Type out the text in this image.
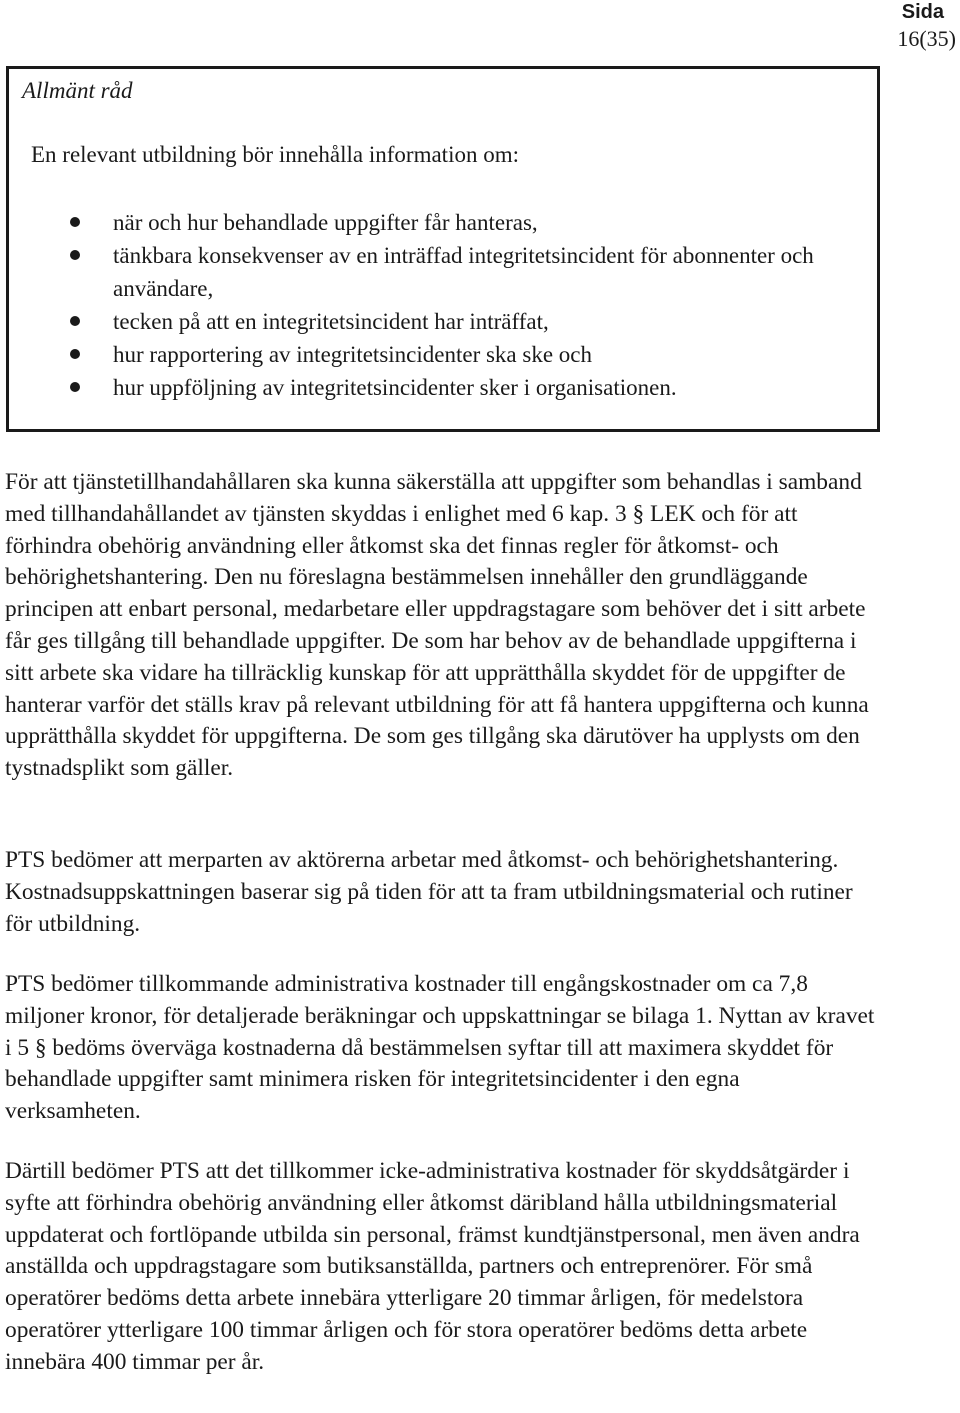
Sida
16(35)
Allmänt råd
En relevant utbildning bör innehålla information om:
när och hur behandlade uppgifter får hanteras,
tänkbara konsekvenser av en inträffad integritetsincident för abonnenter och användare,
tecken på att en integritetsincident har inträffat,
hur rapportering av integritetsincidenter ska ske och
hur uppföljning av integritetsincidenter sker i organisationen.

För att tjänstetillhandahållaren ska kunna säkerställa att uppgifter som behandlas i samband med tillhandahållandet av tjänsten skyddas i enlighet med 6 kap. 3 § LEK och för att förhindra obehörig användning eller åtkomst ska det finnas regler för åtkomst- och behörighetshantering. Den nu föreslagna bestämmelsen innehåller den grundläggande principen att enbart personal, medarbetare eller uppdragstagare som behöver det i sitt arbete får ges tillgång till behandlade uppgifter. De som har behov av de behandlade uppgifterna i sitt arbete ska vidare ha tillräcklig kunskap för att upprätthålla skyddet för de uppgifter de hanterar varför det ställs krav på relevant utbildning för att få hantera uppgifterna och kunna upprätthålla skyddet för uppgifterna. De som ges tillgång ska därutöver ha upplysts om den tystnadsplikt som gäller.

PTS bedömer att merparten av aktörerna arbetar med åtkomst- och behörighetshantering. Kostnadsuppskattningen baserar sig på tiden för att ta fram utbildningsmaterial och rutiner för utbildning.

PTS bedömer tillkommande administrativa kostnader till engångskostnader om ca 7,8 miljoner kronor, för detaljerade beräkningar och uppskattningar se bilaga 1. Nyttan av kravet i 5 § bedöms överväga kostnaderna då bestämmelsen syftar till att maximera skyddet för behandlade uppgifter samt minimera risken för integritetsincidenter i den egna verksamheten.

Därtill bedömer PTS att det tillkommer icke-administrativa kostnader för skyddsåtgärder i syfte att förhindra obehörig användning eller åtkomst däribland hålla utbildningsmaterial uppdaterat och fortlöpande utbilda sin personal, främst kundtjänstpersonal, men även andra anställda och uppdragstagare som butiksanställda, partners och entreprenörer. För små operatörer bedöms detta arbete innebära ytterligare 20 timmar årligen, för medelstora operatörer ytterligare 100 timmar årligen och för stora operatörer bedöms detta arbete innebära 400 timmar per år.
